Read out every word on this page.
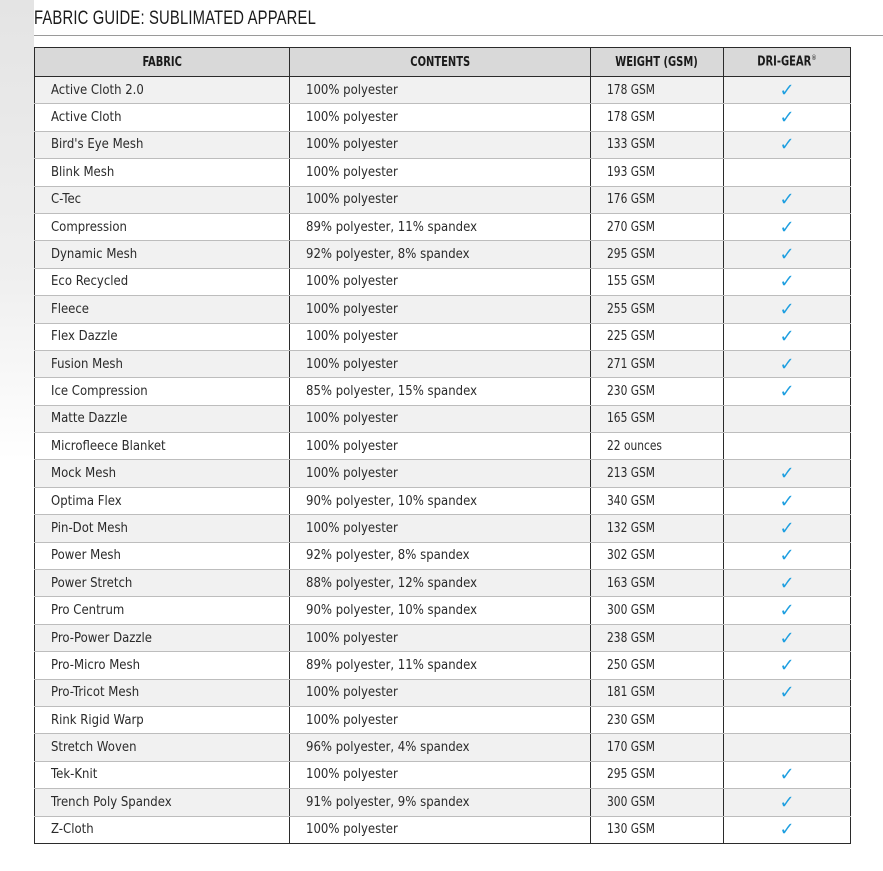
FABRIC GUIDE: SUBLIMATED APPAREL
FABRIC	CONTENTS	WEIGHT (GSM)	DRI-GEAR®
Active Cloth 2.0	100% polyester	178 GSM	✓
Active Cloth	100% polyester	178 GSM	✓
Bird's Eye Mesh	100% polyester	133 GSM	✓
Blink Mesh	100% polyester	193 GSM	
C-Tec	100% polyester	176 GSM	✓
Compression	89% polyester, 11% spandex	270 GSM	✓
Dynamic Mesh	92% polyester, 8% spandex	295 GSM	✓
Eco Recycled	100% polyester	155 GSM	✓
Fleece	100% polyester	255 GSM	✓
Flex Dazzle	100% polyester	225 GSM	✓
Fusion Mesh	100% polyester	271 GSM	✓
Ice Compression	85% polyester, 15% spandex	230 GSM	✓
Matte Dazzle	100% polyester	165 GSM	
Microfleece Blanket	100% polyester	22 ounces	
Mock Mesh	100% polyester	213 GSM	✓
Optima Flex	90% polyester, 10% spandex	340 GSM	✓
Pin-Dot Mesh	100% polyester	132 GSM	✓
Power Mesh	92% polyester, 8% spandex	302 GSM	✓
Power Stretch	88% polyester, 12% spandex	163 GSM	✓
Pro Centrum	90% polyester, 10% spandex	300 GSM	✓
Pro-Power Dazzle	100% polyester	238 GSM	✓
Pro-Micro Mesh	89% polyester, 11% spandex	250 GSM	✓
Pro-Tricot Mesh	100% polyester	181 GSM	✓
Rink Rigid Warp	100% polyester	230 GSM	
Stretch Woven	96% polyester, 4% spandex	170 GSM	
Tek-Knit	100% polyester	295 GSM	✓
Trench Poly Spandex	91% polyester, 9% spandex	300 GSM	✓
Z-Cloth	100% polyester	130 GSM	✓
